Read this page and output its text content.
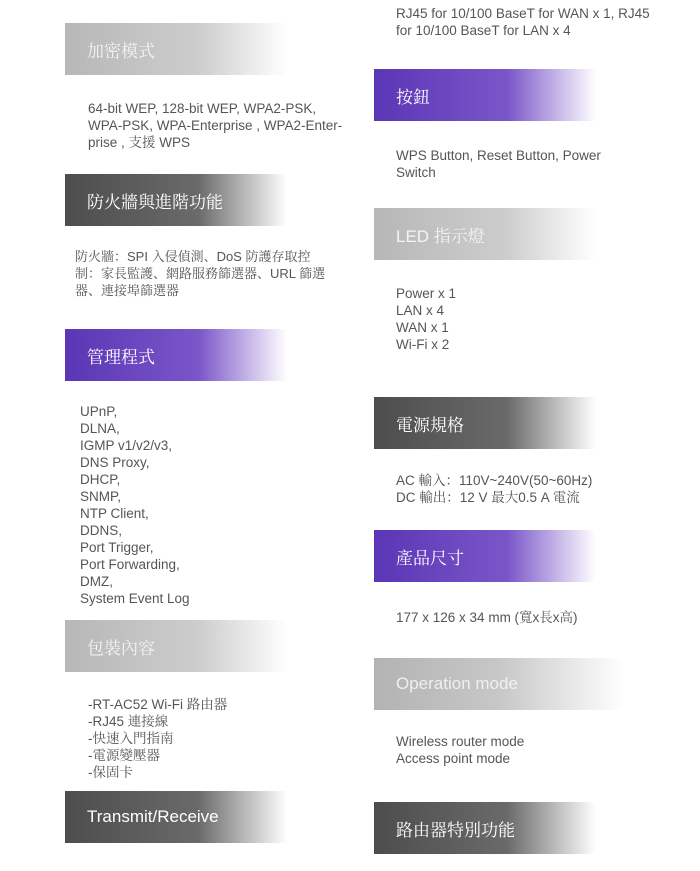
加密模式
64-bit WEP, 128-bit WEP, WPA2-PSK,
WPA-PSK, WPA-Enterprise , WPA2-Enter-
prise , 支援 WPS
防火牆與進階功能
防火牆：SPI 入侵偵測、DoS 防護存取控
制：家長監護、網路服務篩選器、URL 篩選
器、連接埠篩選器
管理程式
UPnP,
DLNA,
IGMP v1/v2/v3,
DNS Proxy,
DHCP,
SNMP,
NTP Client,
DDNS,
Port Trigger,
Port Forwarding,
DMZ,
System Event Log
包裝內容
-RT-AC52 Wi-Fi 路由器
-RJ45 連接線
-快速入門指南
-電源變壓器
-保固卡
Transmit/Receive
RJ45 for 10/100 BaseT for WAN x 1, RJ45
for 10/100 BaseT for LAN x 4
按鈕
WPS Button, Reset Button, Power
Switch
LED 指示燈
Power x 1
LAN x 4
WAN x 1
Wi-Fi x 2
電源規格
AC 輸入：110V~240V(50~60Hz)
DC 輸出：12 V 最大0.5 A 電流
產品尺寸
177 x 126 x 34 mm (寬x長x高)
Operation mode
Wireless router mode
Access point mode
路由器特別功能
